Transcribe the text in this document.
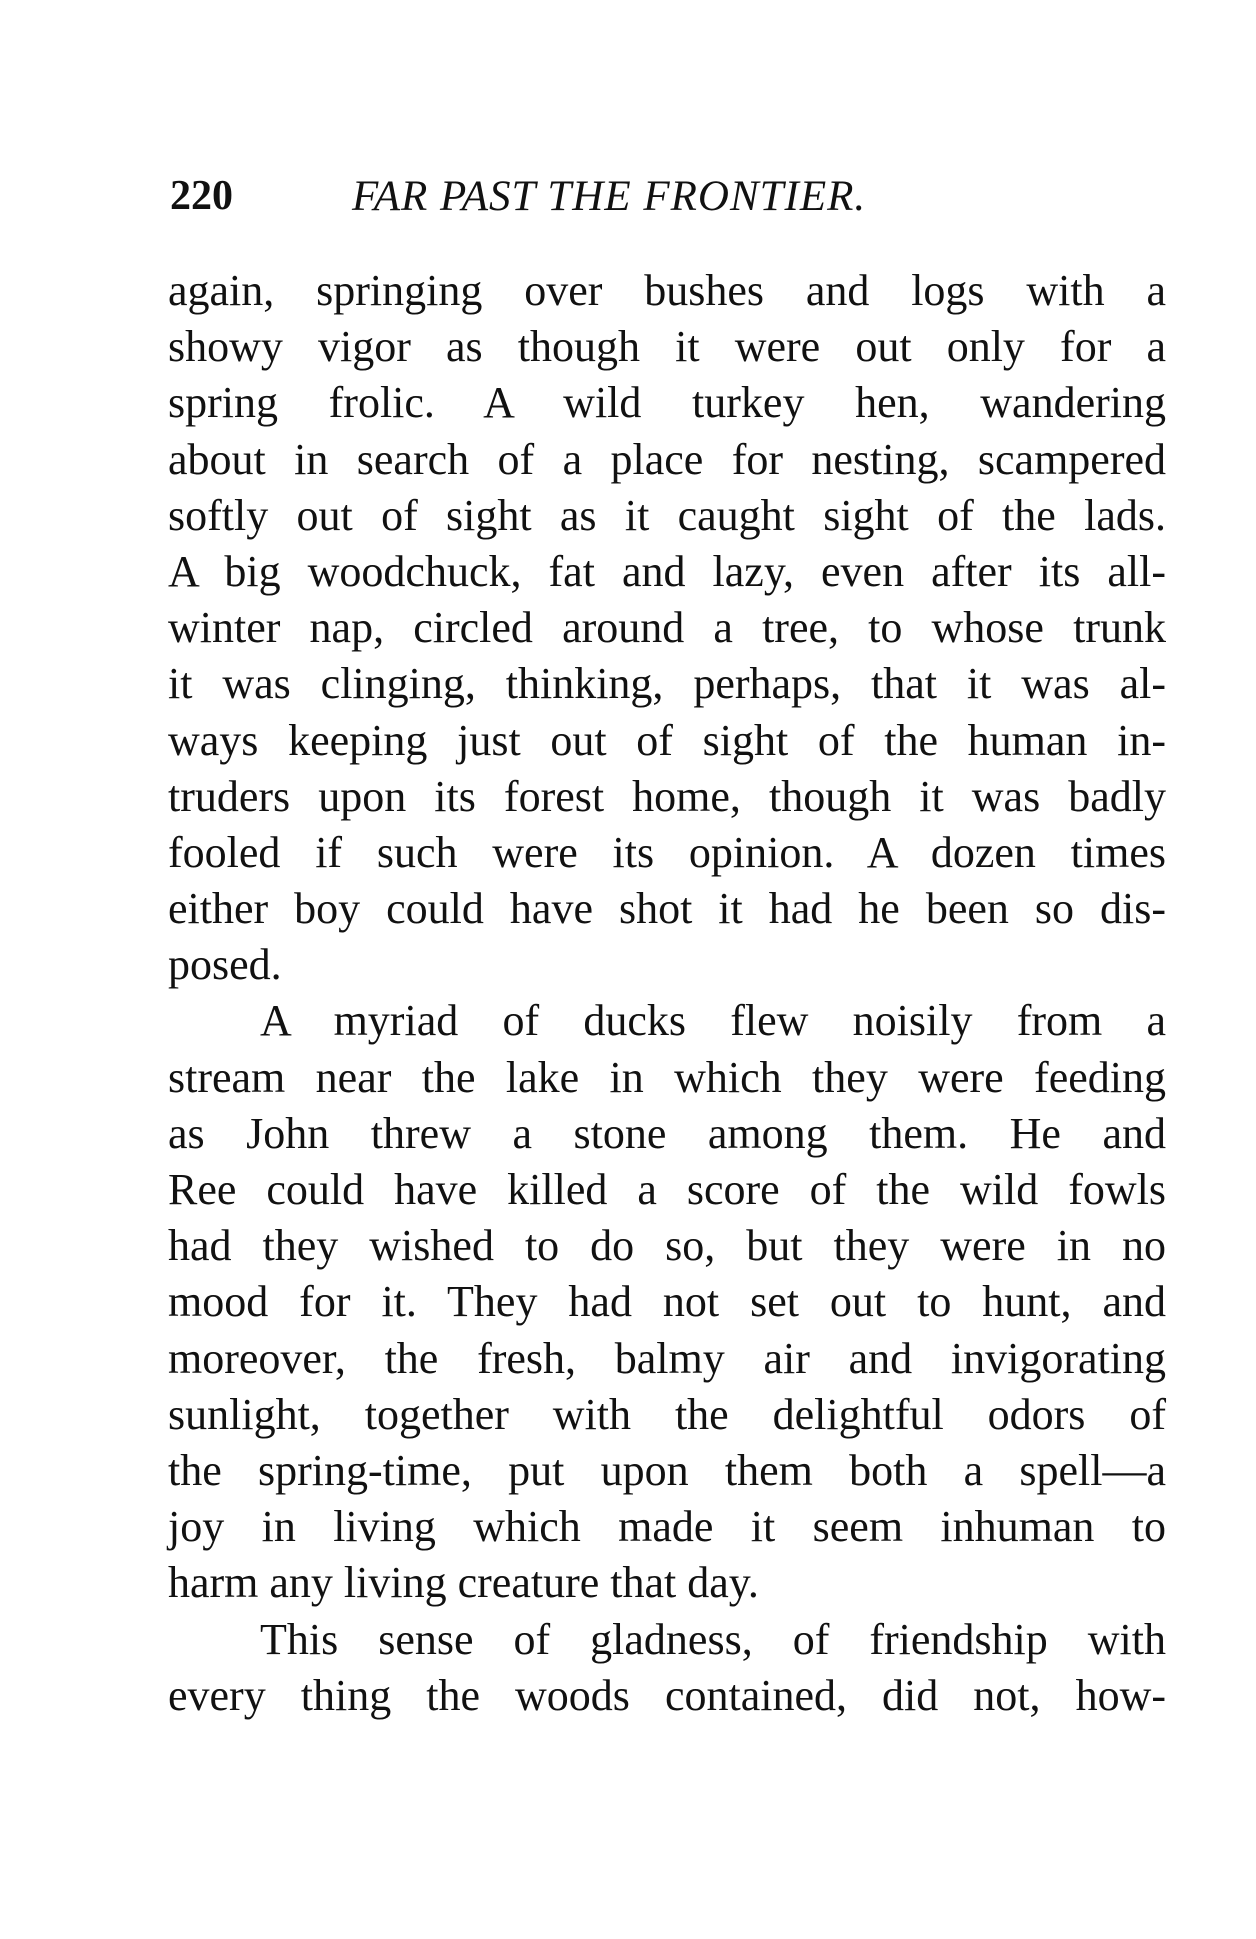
220	FAR PAST THE FRONTIER.
again, springing over bushes and logs with a
showy vigor as though it were out only for a
spring frolic. A wild turkey hen, wandering
about in search of a place for nesting, scampered
softly out of sight as it caught sight of the lads.
A big woodchuck, fat and lazy, even after its all-
winter nap, circled around a tree, to whose trunk
it was clinging, thinking, perhaps, that it was al-
ways keeping just out of sight of the human in-
truders upon its forest home, though it was badly
fooled if such were its opinion. A dozen times
either boy could have shot it had he been so dis-
posed.
A myriad of ducks flew noisily from a
stream near the lake in which they were feeding
as John threw a stone among them. He and
Ree could have killed a score of the wild fowls
had they wished to do so, but they were in no
mood for it. They had not set out to hunt, and
moreover, the fresh, balmy air and invigorating
sunlight, together with the delightful odors of
the spring-time, put upon them both a spell—a
joy in living which made it seem inhuman to
harm any living creature that day.
This sense of gladness, of friendship with
every thing the woods contained, did not, how-
